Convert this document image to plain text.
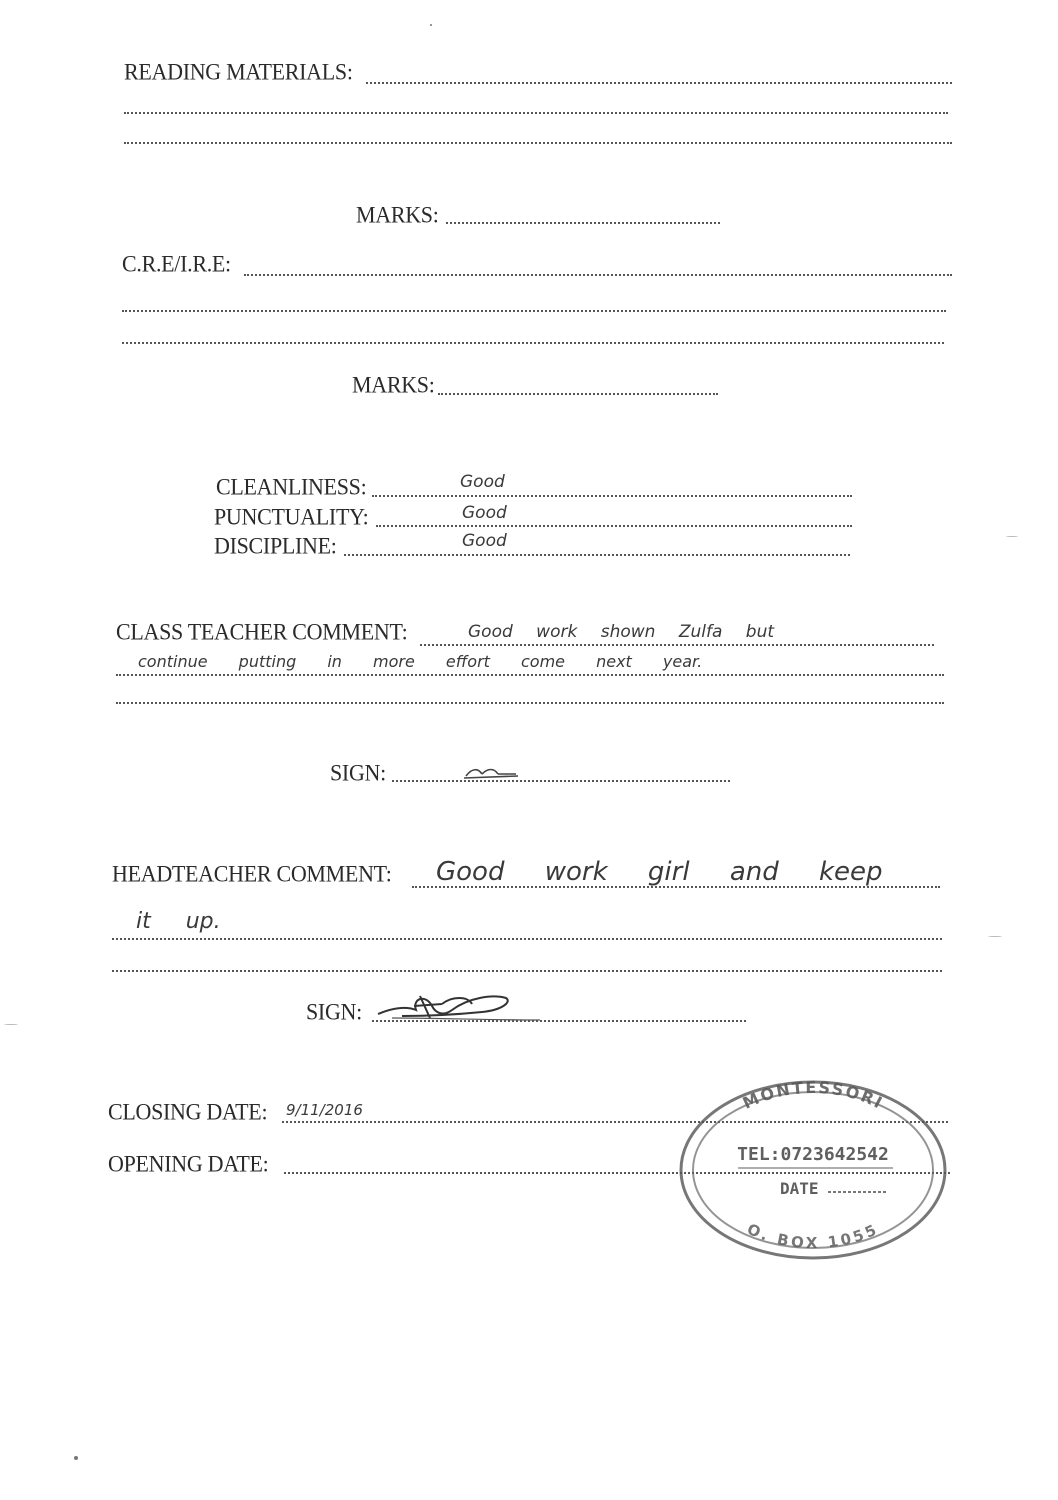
READING MATERIALS:
MARKS:
C.R.E/I.R.E:
MARKS:
CLEANLINESS:	Good
PUNCTUALITY:	Good
DISCIPLINE:	Good
CLASS TEACHER COMMENT:	Good work shown Zulfa but
continue putting in more effort come next year.
SIGN:
HEADTEACHER COMMENT: Good work girl and keep
it up.
SIGN:
CLOSING DATE: 9/11/2016
OPENING DATE:
MONTESSORI
TEL:0723642542
DATE
O. BOX 1055
